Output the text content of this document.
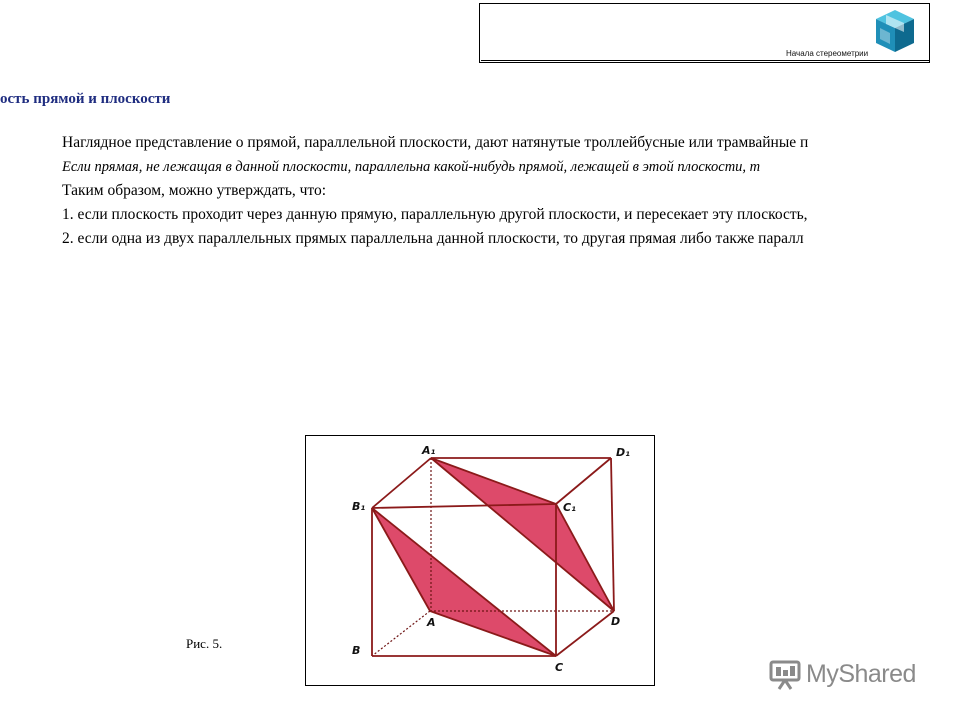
Начала стереометрии
ость прямой и плоскости
Наглядное представление о прямой, параллельной плоскости, дают натянутые троллейбусные или трамвайные п
Если прямая, не лежащая в данной плоскости, параллельна какой-нибудь прямой, лежащей в этой плоскости, т
Таким образом, можно утверждать, что:
1. если плоскость проходит через данную прямую, параллельную другой плоскости, и пересекает эту плоскость,
2. если одна из двух параллельных прямых параллельна данной плоскости, то другая прямая либо также паралл
A₁	D₁
B₁	C₁
A	D
B
C
Рис. 5.
MyShared
